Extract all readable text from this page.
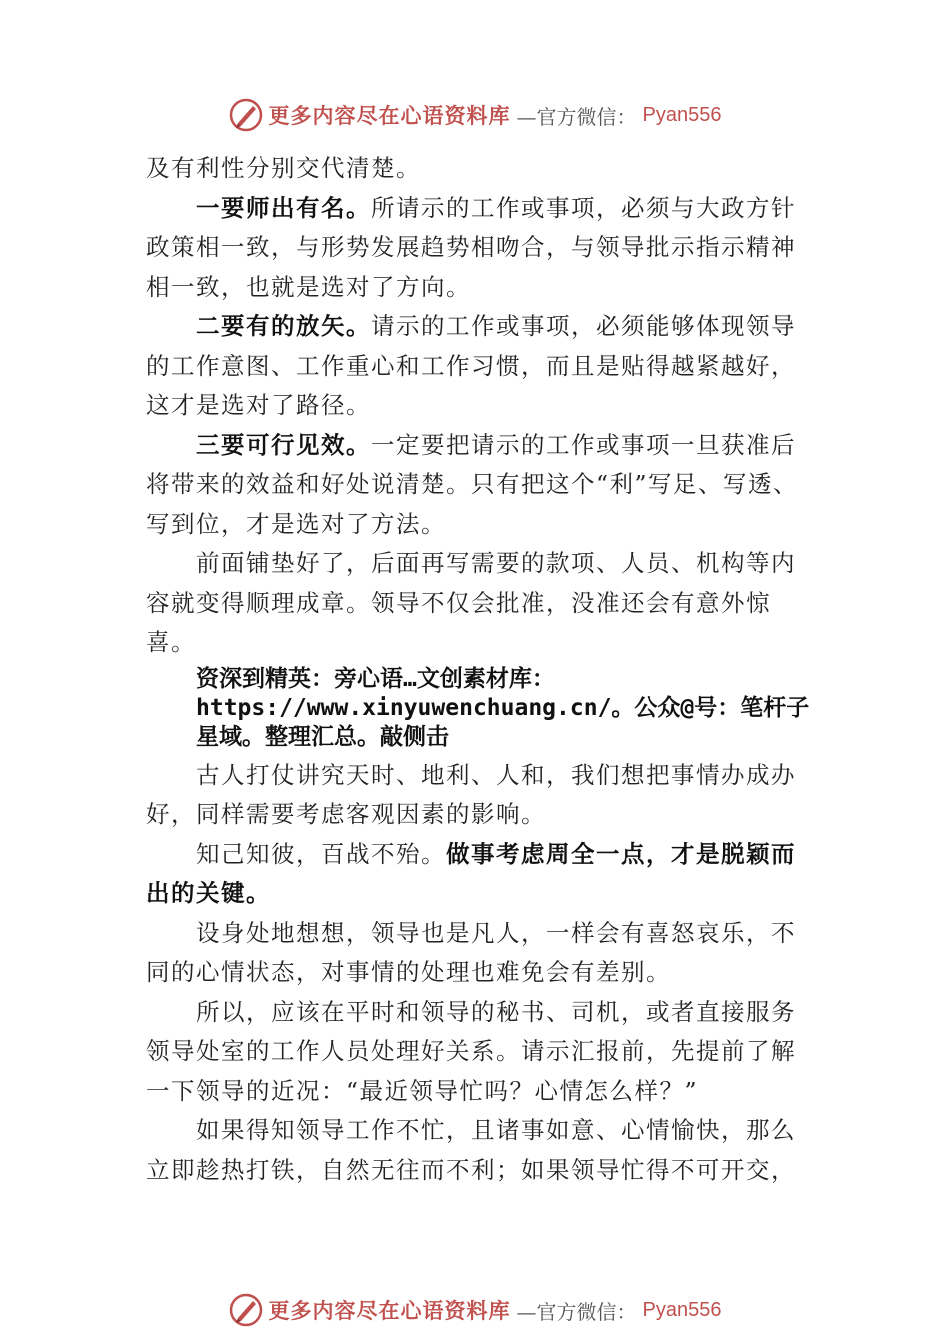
更多内容尽在心语资料库 —官方微信： Pyan556

及有利性分别交代清楚。

一要师出有名。所请示的工作或事项，必须与大政方针政策相一致，与形势发展趋势相吻合，与领导批示指示精神相一致，也就是选对了方向。

二要有的放矢。请示的工作或事项，必须能够体现领导的工作意图、工作重心和工作习惯，而且是贴得越紧越好， 这才是选对了路径。

三要可行见效。一定要把请示的工作或事项一旦获准后将带来的效益和好处说清楚。只有把这个“利”写足、写透、写到位，才是选对了方法。

前面铺垫好了，后面再写需要的款项、人员、机构等内容就变得顺理成章。领导不仅会批准，没准还会有意外惊喜。

资深到精英：旁心语…文创素材库：https://www.xinyuwenchuang.cn/。公众@号：笔杆子星域。整理汇总。敲侧击

古人打仗讲究天时、地利、人和，我们想把事情办成办好，同样需要考虑客观因素的影响。

知己知彼，百战不殆。做事考虑周全一点，才是脱颖而出的关键。

设身处地想想，领导也是凡人，一样会有喜怒哀乐，不同的心情状态，对事情的处理也难免会有差别。

所以，应该在平时和领导的秘书、司机，或者直接服务领导处室的工作人员处理好关系。请示汇报前，先提前了解一下领导的近况：“最近领导忙吗？心情怎么样？”

如果得知领导工作不忙，且诸事如意、心情愉快，那么立即趁热打铁，自然无往而不利；如果领导忙得不可开交，

更多内容尽在心语资料库 —官方微信： Pyan556
